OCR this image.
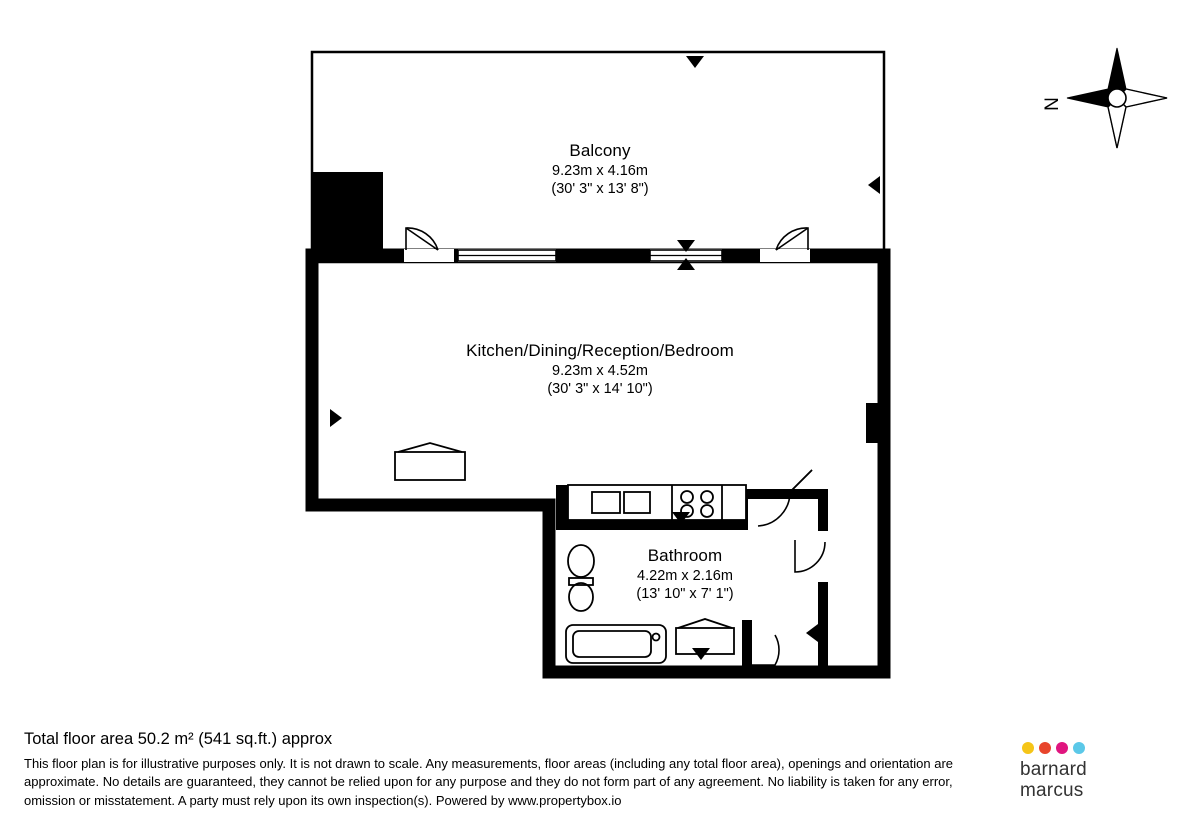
N
Balcony
9.23m x 4.16m
(30' 3" x 13' 8")
Kitchen/Dining/Reception/Bedroom
9.23m x 4.52m
(30' 3" x 14' 10")
Bathroom
4.22m x 2.16m
(13' 10" x 7' 1")

Total floor area 50.2 m² (541 sq.ft.) approx

This floor plan is for illustrative purposes only. It is not drawn to scale. Any measurements, floor areas (including any total floor area), openings and orientation are approximate. No details are guaranteed, they cannot be relied upon for any purpose and they do not form part of any agreement. No liability is taken for any error, omission or misstatement. A party must rely upon its own inspection(s). Powered by www.propertybox.io

barnard
marcus
